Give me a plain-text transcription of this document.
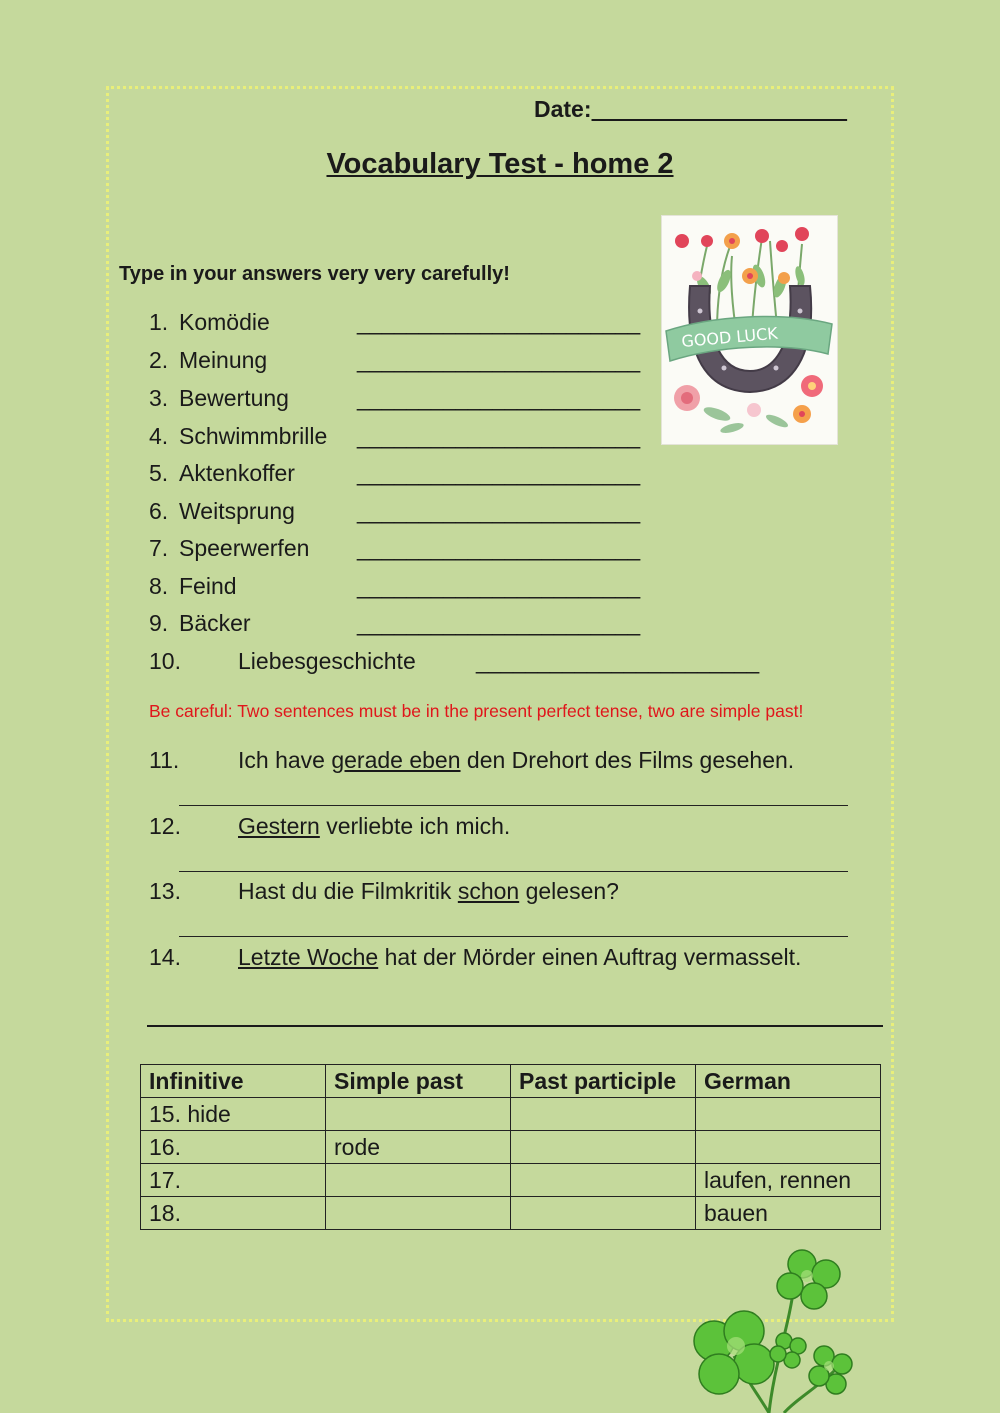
Date:
Vocabulary Test - home 2
Type in your answers very very carefully!
GOOD LUCK
1. Komödie	_______________________
2. Meinung	_______________________
3. Bewertung	_______________________
4. Schwimmbrille _______________________
5. Aktenkoffer	_______________________
6. Weitsprung	_______________________
7. Speerwerfen _______________________
8. Feind	_______________________
9. Bäcker	_______________________
10. Liebesgeschichte	_______________________
Be careful: Two sentences must be in the present perfect tense, two are simple past!
11.	Ich have gerade eben den Drehort des Films gesehen.
12. Gestern verliebte ich mich.
13. Hast du die Filmkritik schon gelesen?
14. Letzte Woche hat der Mörder einen Auftrag vermasselt.
Infinitive	Simple past	Past participle	German
15. hide			
16.	rode		
17.			laufen, rennen
18.			bauen
